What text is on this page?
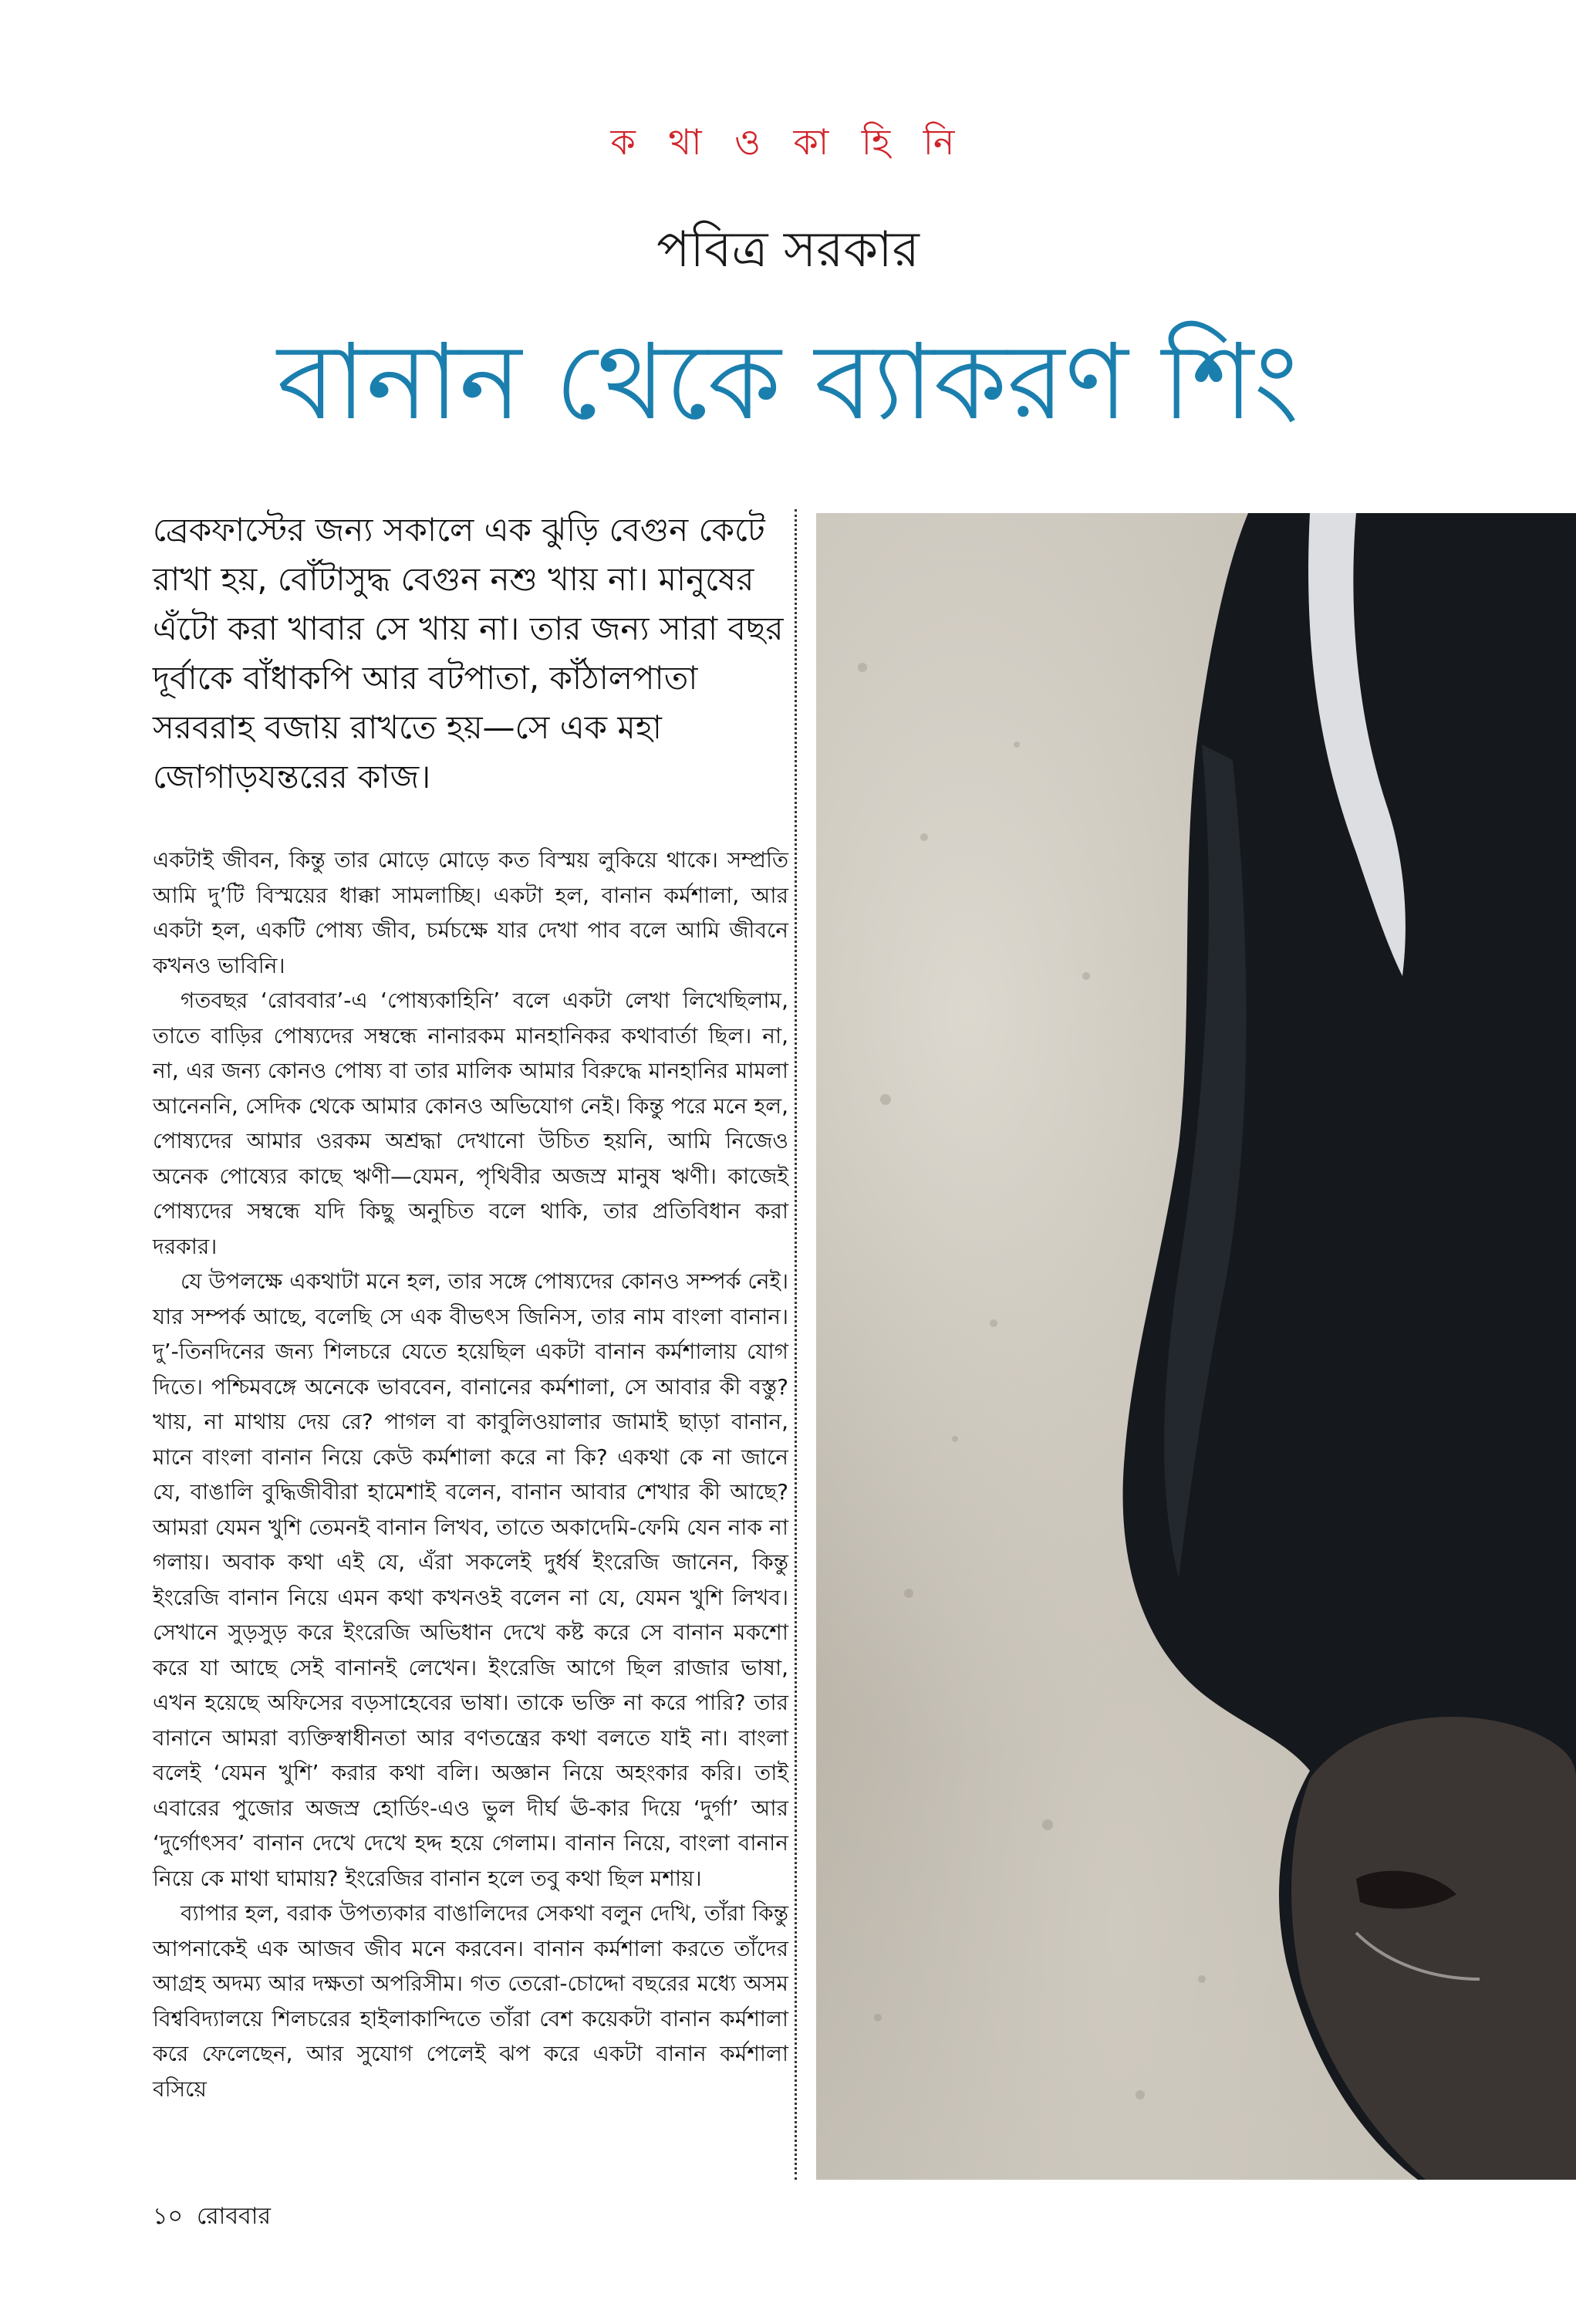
ক থা ও কা হি নি
পবিত্র সরকার
বানান থেকে ব্যাকরণ শিং

ব্রেকফাস্টের জন্য সকালে এক ঝুড়ি বেগুন কেটে রাখা হয়, বোঁটাসুদ্ধ বেগুন নশু খায় না। মানুষের এঁটো করা খাবার সে খায় না। তার জন্য সারা বছর দূর্বাকে বাঁধাকপি আর বটপাতা, কাঁঠালপাতা সরবরাহ বজায় রাখতে হয়—সে এক মহা জোগাড়যন্তরের কাজ।

একটাই জীবন, কিন্তু তার মোড়ে মোড়ে কত বিস্ময় লুকিয়ে থাকে। সম্প্রতি আমি দু’টি বিস্ময়ের ধাক্কা সামলাচ্ছি। একটা হল, বানান কর্মশালা, আর একটা হল, একটি পোষ্য জীব, চর্মচক্ষে যার দেখা পাব বলে আমি জীবনে কখনও ভাবিনি।

গতবছর ‘রোববার’-এ ‘পোষ্যকাহিনি’ বলে একটা লেখা লিখেছিলাম, তাতে বাড়ির পোষ্যদের সম্বন্ধে নানারকম মানহানিকর কথাবার্তা ছিল। না, না, এর জন্য কোনও পোষ্য বা তার মালিক আমার বিরুদ্ধে মানহানির মামলা আনেননি, সেদিক থেকে আমার কোনও অভিযোগ নেই। কিন্তু পরে মনে হল, পোষ্যদের আমার ওরকম অশ্রদ্ধা দেখানো উচিত হয়নি, আমি নিজেও অনেক পোষ্যের কাছে ঋণী—যেমন, পৃথিবীর অজস্র মানুষ ঋণী। কাজেই পোষ্যদের সম্বন্ধে যদি কিছু অনুচিত বলে থাকি, তার প্রতিবিধান করা দরকার।

যে উপলক্ষে একথাটা মনে হল, তার সঙ্গে পোষ্যদের কোনও সম্পর্ক নেই। যার সম্পর্ক আছে, বলেছি সে এক বীভৎস জিনিস, তার নাম বাংলা বানান। দু’-তিনদিনের জন্য শিলচরে যেতে হয়েছিল একটা বানান কর্মশালায় যোগ দিতে। পশ্চিমবঙ্গে অনেকে ভাববেন, বানানের কর্মশালা, সে আবার কী বস্তু? খায়, না মাথায় দেয় রে? পাগল বা কাবুলিওয়ালার জামাই ছাড়া বানান, মানে বাংলা বানান নিয়ে কেউ কর্মশালা করে না কি? একথা কে না জানে যে, বাঙালি বুদ্ধিজীবীরা হামেশাই বলেন, বানান আবার শেখার কী আছে? আমরা যেমন খুশি তেমনই বানান লিখব, তাতে অকাদেমি-ফেমি যেন নাক না গলায়। অবাক কথা এই যে, এঁরা সকলেই দুর্ধর্ষ ইংরেজি জানেন, কিন্তু ইংরেজি বানান নিয়ে এমন কথা কখনওই বলেন না যে, যেমন খুশি লিখব। সেখানে সুড়সুড় করে ইংরেজি অভিধান দেখে কষ্ট করে সে বানান মকশো করে যা আছে সেই বানানই লেখেন। ইংরেজি আগে ছিল রাজার ভাষা, এখন হয়েছে অফিসের বড়সাহেবের ভাষা। তাকে ভক্তি না করে পারি? তার বানানে আমরা ব্যক্তিস্বাধীনতা আর বণতন্ত্রের কথা বলতে যাই না। বাংলা বলেই ‘যেমন খুশি’ করার কথা বলি। অজ্ঞান নিয়ে অহংকার করি। তাই এবারের পুজোর অজস্র হোর্ডিং-এও ভুল দীর্ঘ ঊ-কার দিয়ে ‘দুর্গা’ আর ‘দুর্গোৎসব’ বানান দেখে দেখে হদ্দ হয়ে গেলাম। বানান নিয়ে, বাংলা বানান নিয়ে কে মাথা ঘামায়? ইংরেজির বানান হলে তবু কথা ছিল মশায়।

ব্যাপার হল, বরাক উপত্যকার বাঙালিদের সেকথা বলুন দেখি, তাঁরা কিন্তু আপনাকেই এক আজব জীব মনে করবেন। বানান কর্মশালা করতে তাঁদের আগ্রহ অদম্য আর দক্ষতা অপরিসীম। গত তেরো-চোদ্দো বছরের মধ্যে অসম বিশ্ববিদ্যালয়ে শিলচরের হাইলাকান্দিতে তাঁরা বেশ কয়েকটা বানান কর্মশালা করে ফেলেছেন, আর সুযোগ পেলেই ঝপ করে একটা বানান কর্মশালা বসিয়ে

১০ রোববার
